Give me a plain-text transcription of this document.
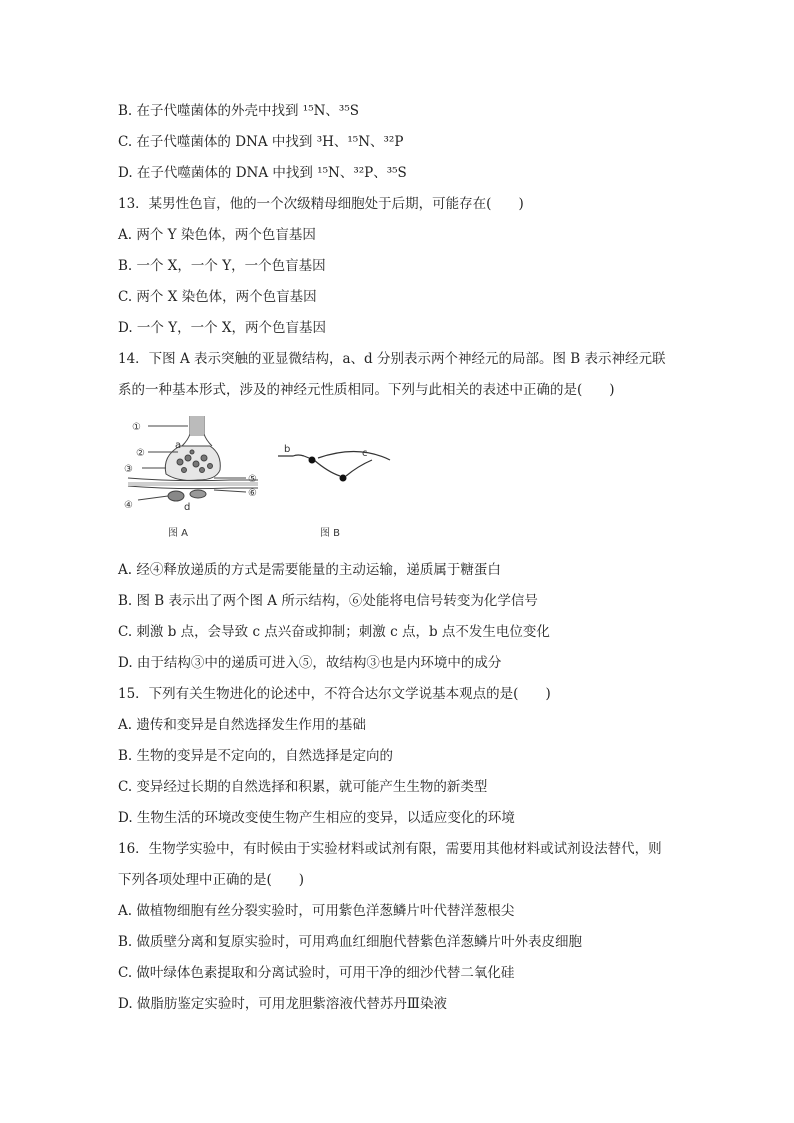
B. 在子代噬菌体的外壳中找到 ¹⁵N、³⁵S
C. 在子代噬菌体的 DNA 中找到 ³H、¹⁵N、³²P
D. 在子代噬菌体的 DNA 中找到 ¹⁵N、³²P、³⁵S
13．某男性色盲，他的一个次级精母细胞处于后期，可能存在(　　)
A. 两个 Y 染色体，两个色盲基因
B. 一个 X，一个 Y，一个色盲基因
C. 两个 X 染色体，两个色盲基因
D. 一个 Y，一个 X，两个色盲基因
14．下图 A 表示突触的亚显微结构，a、d 分别表示两个神经元的局部。图 B 表示神经元联
系的一种基本形式，涉及的神经元性质相同。下列与此相关的表述中正确的是(　　)
①
②
③
④
⑤
⑥
a
d
图 A
b	c
图 B
A. 经④释放递质的方式是需要能量的主动运输，递质属于糖蛋白
B. 图 B 表示出了两个图 A 所示结构，⑥处能将电信号转变为化学信号
C. 刺激 b 点，会导致 c 点兴奋或抑制；刺激 c 点，b 点不发生电位变化
D. 由于结构③中的递质可进入⑤，故结构③也是内环境中的成分
15．下列有关生物进化的论述中，不符合达尔文学说基本观点的是(　　)
A. 遗传和变异是自然选择发生作用的基础
B. 生物的变异是不定向的，自然选择是定向的
C. 变异经过长期的自然选择和积累，就可能产生生物的新类型
D. 生物生活的环境改变使生物产生相应的变异，以适应变化的环境
16．生物学实验中，有时候由于实验材料或试剂有限，需要用其他材料或试剂设法替代，则
下列各项处理中正确的是(　　)
A. 做植物细胞有丝分裂实验时，可用紫色洋葱鳞片叶代替洋葱根尖
B. 做质壁分离和复原实验时，可用鸡血红细胞代替紫色洋葱鳞片叶外表皮细胞
C. 做叶绿体色素提取和分离试验时，可用干净的细沙代替二氧化硅
D. 做脂肪鉴定实验时，可用龙胆紫溶液代替苏丹Ⅲ染液
